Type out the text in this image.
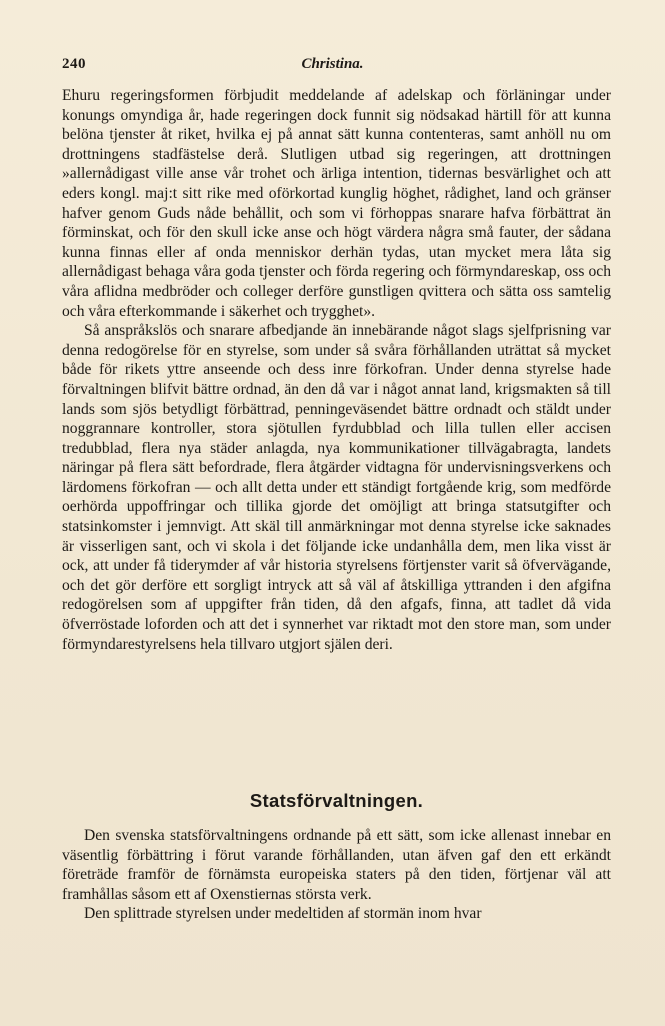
240	Christina.

Ehuru regeringsformen förbjudit meddelande af adelskap och förläningar under konungs omyndiga år, hade regeringen dock funnit sig nödsakad härtill för att kunna belöna tjenster åt riket, hvilka ej på annat sätt kunna contenteras, samt anhöll nu om drottningens stadfästelse derå. Slutligen utbad sig regeringen, att drottningen »allernådigast ville anse vår trohet och ärliga intention, tidernas besvärlighet och att eders kongl. maj:t sitt rike med oförkortad kunglig höghet, rådighet, land och gränser hafver genom Guds nåde behållit, och som vi förhoppas snarare hafva förbättrat än förminskat, och för den skull icke anse och högt värdera några små fauter, der sådana kunna finnas eller af onda menniskor derhän tydas, utan mycket mera låta sig allernådigast behaga våra goda tjenster och förda regering och förmyndareskap, oss och våra aflidna medbröder och colleger derföre gunstligen qvittera och sätta oss samtelig och våra efterkommande i säkerhet och trygghet».

Så anspråkslös och snarare afbedjande än innebärande något slags sjelfprisning var denna redogörelse för en styrelse, som under så svåra förhållanden uträttat så mycket både för rikets yttre anseende och dess inre förkofran. Under denna styrelse hade förvaltningen blifvit bättre ordnad, än den då var i något annat land, krigsmakten så till lands som sjös betydligt förbättrad, penningeväsendet bättre ordnadt och stäldt under noggrannare kontroller, stora sjötullen fyrdubblad och lilla tullen eller accisen tredubblad, flera nya städer anlagda, nya kommunikationer tillvägabragta, landets näringar på flera sätt befordrade, flera åtgärder vidtagna för undervisningsverkens och lärdomens förkofran — och allt detta under ett ständigt fortgående krig, som medförde oerhörda uppoffringar och tillika gjorde det omöjligt att bringa statsutgifter och statsinkomster i jemnvigt. Att skäl till anmärkningar mot denna styrelse icke saknades är visserligen sant, och vi skola i det följande icke undanhålla dem, men lika visst är ock, att under få tiderymder af vår historia styrelsens förtjenster varit så öfvervägande, och det gör derföre ett sorgligt intryck att så väl af åtskilliga yttranden i den afgifna redogörelsen som af uppgifter från tiden, då den afgafs, finna, att tadlet då vida öfverröstade loforden och att det i synnerhet var riktadt mot den store man, som under förmyndarestyrelsens hela tillvaro utgjort själen deri.

Statsförvaltningen.

Den svenska statsförvaltningens ordnande på ett sätt, som icke allenast innebar en väsentlig förbättring i förut varande förhållanden, utan äfven gaf den ett erkändt företräde framför de förnämsta europeiska staters på den tiden, förtjenar väl att framhållas såsom ett af Oxenstiernas största verk.

Den splittrade styrelsen under medeltiden af stormän inom hvar
